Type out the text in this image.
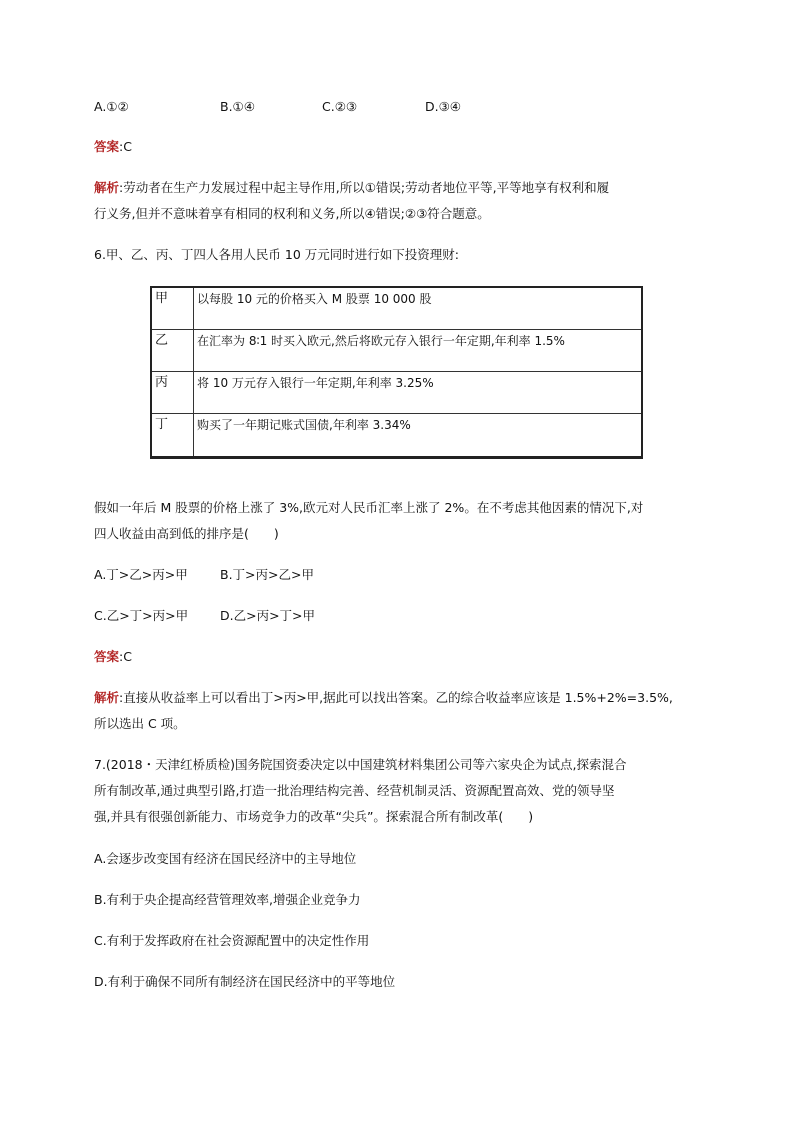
A.①②	B.①④	C.②③	D.③④
答案:C
解析:劳动者在生产力发展过程中起主导作用,所以①错误;劳动者地位平等,平等地享有权利和履
行义务,但并不意味着享有相同的权利和义务,所以④错误;②③符合题意。
6.甲、乙、丙、丁四人各用人民币 10 万元同时进行如下投资理财:
甲	以每股 10 元的价格买入 M 股票 10 000 股
乙	在汇率为 8∶1 时买入欧元,然后将欧元存入银行一年定期,年利率 1.5%
丙	将 10 万元存入银行一年定期,年利率 3.25%
丁	购买了一年期记账式国债,年利率 3.34%
假如一年后 M 股票的价格上涨了 3%,欧元对人民币汇率上涨了 2%。在不考虑其他因素的情况下,对
四人收益由高到低的排序是(　　)
A.丁>乙>丙>甲	B.丁>丙>乙>甲
C.乙>丁>丙>甲	D.乙>丙>丁>甲
答案:C
解析:直接从收益率上可以看出丁>丙>甲,据此可以找出答案。乙的综合收益率应该是 1.5%+2%=3.5%,
所以选出 C 项。
7.(2018・天津红桥质检)国务院国资委决定以中国建筑材料集团公司等六家央企为试点,探索混合
所有制改革,通过典型引路,打造一批治理结构完善、经营机制灵活、资源配置高效、党的领导坚
强,并具有很强创新能力、市场竞争力的改革“尖兵”。探索混合所有制改革(　　)
A.会逐步改变国有经济在国民经济中的主导地位
B.有利于央企提高经营管理效率,增强企业竞争力
C.有利于发挥政府在社会资源配置中的决定性作用
D.有利于确保不同所有制经济在国民经济中的平等地位
